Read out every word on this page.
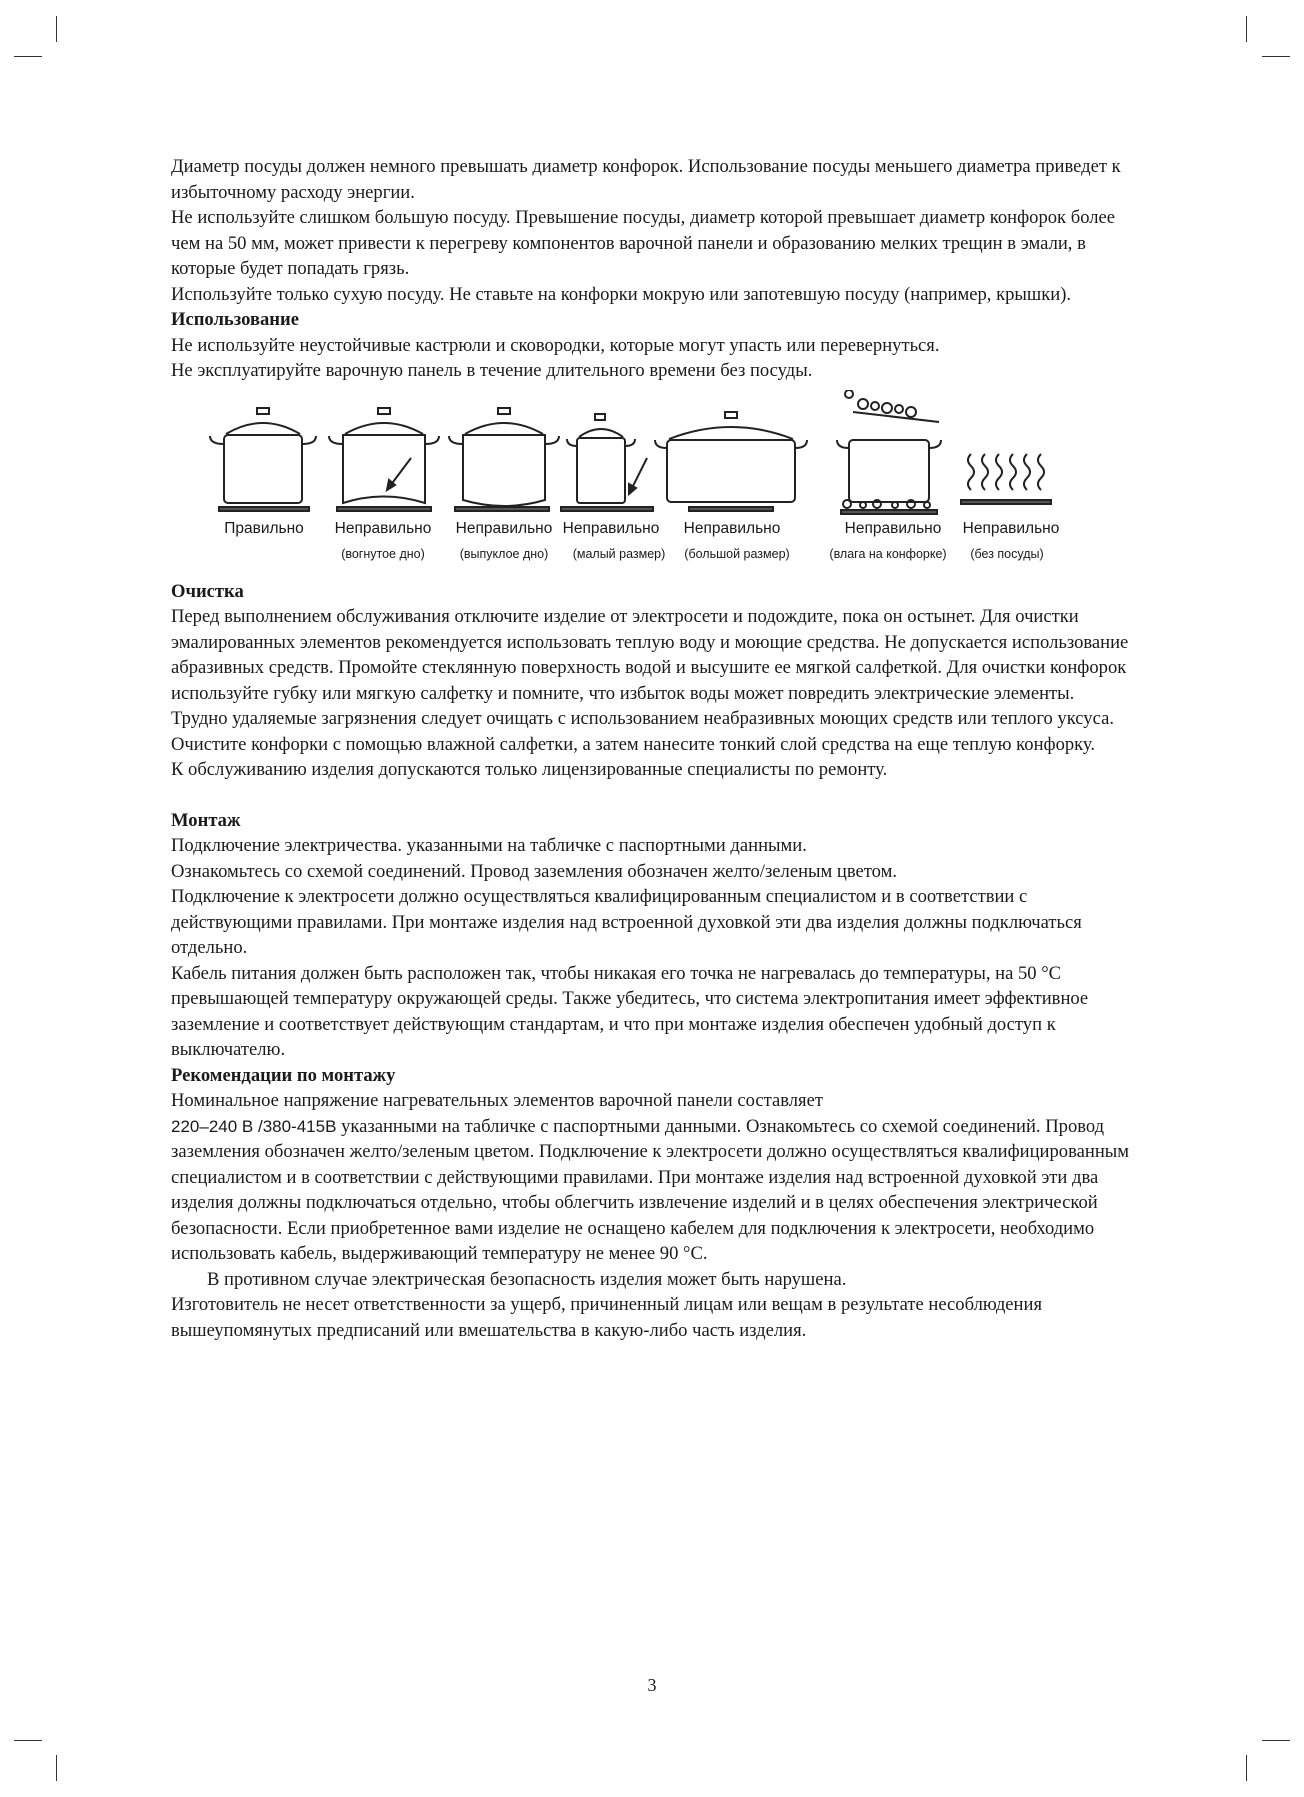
Диаметр посуды должен немного превышать диаметр конфорок. Использование посуды меньшего диаметра приведет к избыточному расходу энергии.

Не используйте слишком большую посуду. Превышение посуды, диаметр которой превышает диаметр конфорок более чем на 50 мм, может привести к перегреву компонентов варочной панели и образованию мелких трещин в эмали, в которые будет попадать грязь.

Используйте только сухую посуду. Не ставьте на конфорки мокрую или запотевшую посуду (например, крышки).

Использование

Не используйте неустойчивые кастрюли и сковородки, которые могут упасть или перевернуться.

Не эксплуатируйте варочную панель в течение длительного времени без посуды.

Правильно Неправильно Неправильно Неправильно Неправильно	Неправильно Неправильно
(вогнутое дно)	(выпуклое дно) (малый размер) (большой размер)	(влага на конфорке) (без посуды)

Очистка

Перед выполнением обслуживания отключите изделие от электросети и подождите, пока он остынет. Для очистки эмалированных элементов рекомендуется использовать теплую воду и моющие средства. Не допускается использование абразивных средств. Промойте стеклянную поверхность водой и высушите ее мягкой салфеткой. Для очистки конфорок используйте губку или мягкую салфетку и помните, что избыток воды может повредить электрические элементы. Трудно удаляемые загрязнения следует очищать с использованием неабразивных моющих средств или теплого уксуса. Очистите конфорки с помощью влажной салфетки, а затем нанесите тонкий слой средства на еще теплую конфорку.

К обслуживанию изделия допускаются только лицензированные специалисты по ремонту.

Монтаж

Подключение электричества. указанными на табличке с паспортными данными.

Ознакомьтесь со схемой соединений. Провод заземления обозначен желто/зеленым цветом.

Подключение к электросети должно осуществляться квалифицированным специалистом и в соответствии с действующими правилами. При монтаже изделия над встроенной духовкой эти два изделия должны подключаться отдельно.

Кабель питания должен быть расположен так, чтобы никакая его точка не нагревалась до температуры, на 50 °С превышающей температуру окружающей среды. Также убедитесь, что система электропитания имеет эффективное заземление и соответствует действующим стандартам, и что при монтаже изделия обеспечен удобный доступ к выключателю.

Рекомендации по монтажу

Номинальное напряжение нагревательных элементов варочной панели составляет

220–240 В /380-415В указанными на табличке с паспортными данными. Ознакомьтесь со схемой соединений. Провод заземления обозначен желто/зеленым цветом. Подключение к электросети должно осуществляться квалифицированным специалистом и в соответствии с действующими правилами. При монтаже изделия над встроенной духовкой эти два изделия должны подключаться отдельно, чтобы облегчить извлечение изделий и в целях обеспечения электрической безопасности. Если приобретенное вами изделие не оснащено кабелем для подключения к электросети, необходимо использовать кабель, выдерживающий температуру не менее 90 °С.

В противном случае электрическая безопасность изделия может быть нарушена.

Изготовитель не несет ответственности за ущерб, причиненный лицам или вещам в результате несоблюдения вышеупомянутых предписаний или вмешательства в какую-либо часть изделия.

3
